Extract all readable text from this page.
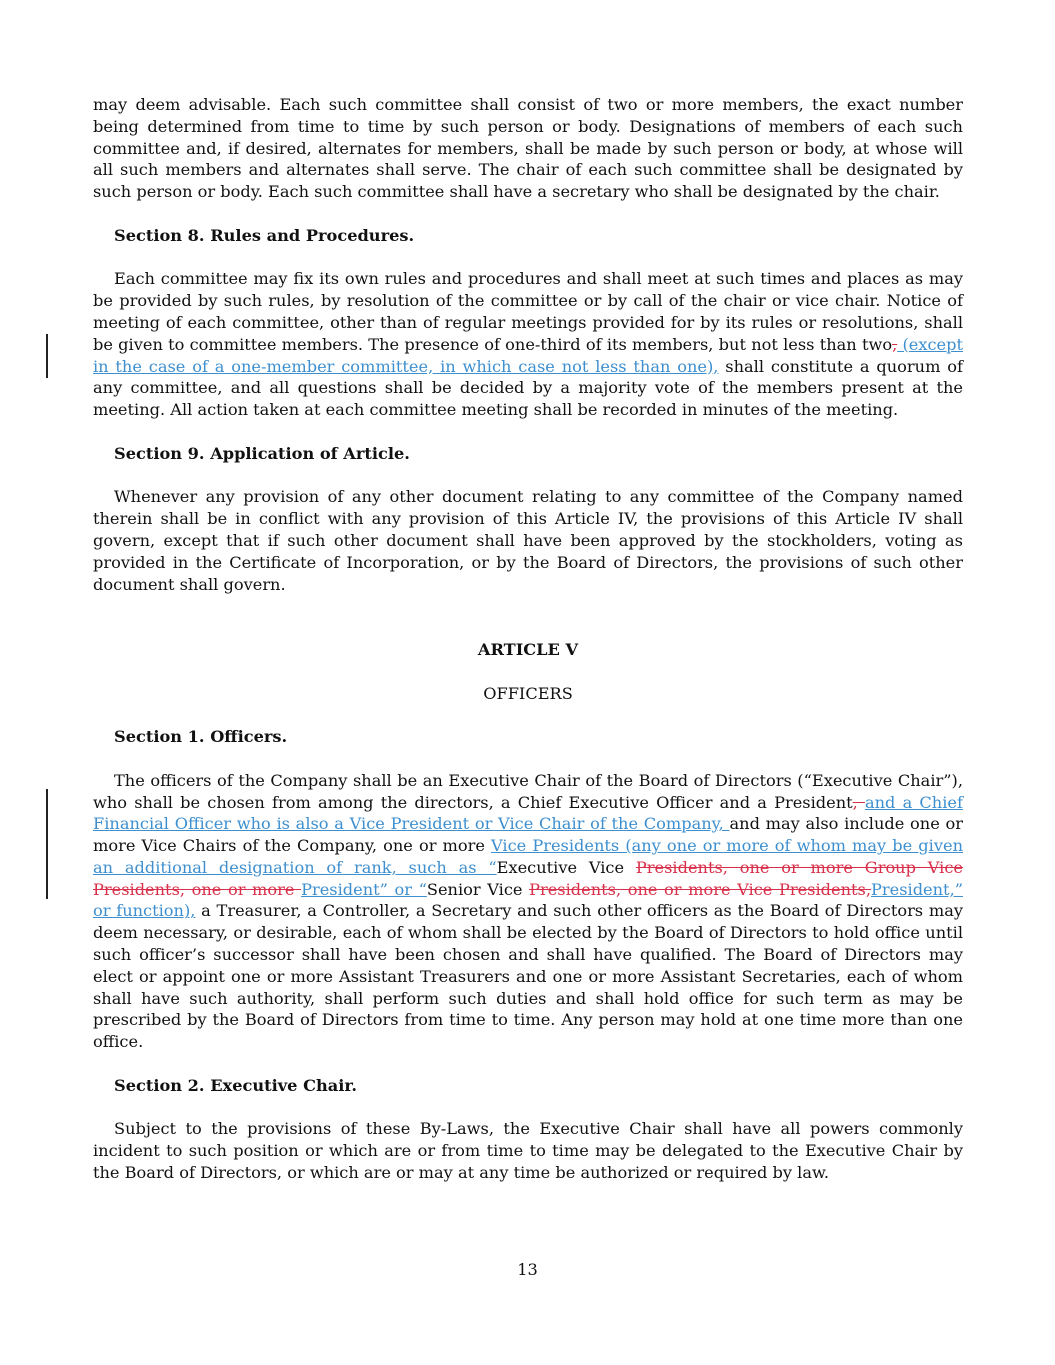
may deem advisable. Each such committee shall consist of two or more members, the exact number being determined from time to time by such person or body. Designations of members of each such committee and, if desired, alternates for members, shall be made by such person or body, at whose will all such members and alternates shall serve. The chair of each such committee shall be designated by such person or body. Each such committee shall have a secretary who shall be designated by the chair.

Section 8. Rules and Procedures.

Each committee may fix its own rules and procedures and shall meet at such times and places as may be provided by such rules, by resolution of the committee or by call of the chair or vice chair. Notice of meeting of each committee, other than of regular meetings provided for by its rules or resolutions, shall be given to committee members. The presence of one-third of its members, but not less than two, (except in the case of a one-member committee, in which case not less than one), shall constitute a quorum of any committee, and all questions shall be decided by a majority vote of the members present at the meeting. All action taken at each committee meeting shall be recorded in minutes of the meeting.

Section 9. Application of Article.

Whenever any provision of any other document relating to any committee of the Company named therein shall be in conflict with any provision of this Article IV, the provisions of this Article IV shall govern, except that if such other document shall have been approved by the stockholders, voting as provided in the Certificate of Incorporation, or by the Board of Directors, the provisions of such other document shall govern.

ARTICLE V

OFFICERS

Section 1. Officers.

The officers of the Company shall be an Executive Chair of the Board of Directors (“Executive Chair”), who shall be chosen from among the directors, a Chief Executive Officer and a President, and a Chief Financial Officer who is also a Vice President or Vice Chair of the Company, and may also include one or more Vice Chairs of the Company, one or more Vice Presidents (any one or more of whom may be given an additional designation of rank, such as “Executive Vice Presidents, one or more Group Vice Presidents, one or more President” or “Senior Vice Presidents, one or more Vice Presidents,President,” or function), a Treasurer, a Controller, a Secretary and such other officers as the Board of Directors may deem necessary, or desirable, each of whom shall be elected by the Board of Directors to hold office until such officer’s successor shall have been chosen and shall have qualified. The Board of Directors may elect or appoint one or more Assistant Treasurers and one or more Assistant Secretaries, each of whom shall have such authority, shall perform such duties and shall hold office for such term as may be prescribed by the Board of Directors from time to time. Any person may hold at one time more than one office.

Section 2. Executive Chair.

Subject to the provisions of these By-Laws, the Executive Chair shall have all powers commonly incident to such position or which are or from time to time may be delegated to the Executive Chair by the Board of Directors, or which are or may at any time be authorized or required by law.

13
